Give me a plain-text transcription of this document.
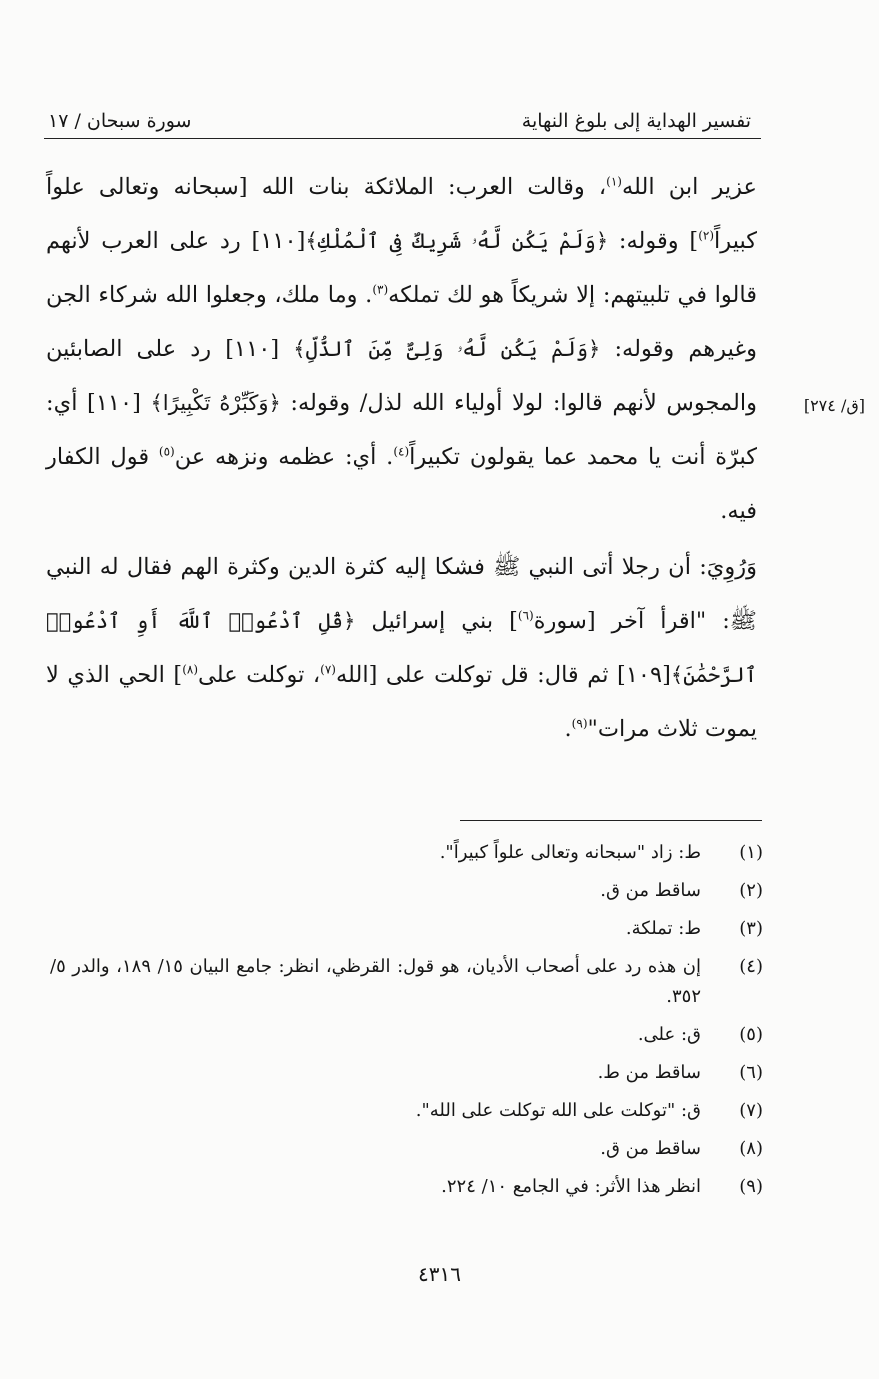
تفسير الهداية إلى بلوغ النهاية
سورة سبحان / ١٧
[ق/ ٢٧٤]

عزير ابن الله$^{(١)}$، وقالت العرب: الملائكة بنات الله [سبحانه وتعالى علواً كبيراً$^{(٢)}$] وقوله: ﴿وَلَمْ يَكُن لَّهُۥ شَرِيكٌ فِى ٱلْمُلْكِ﴾[١١٠] رد على العرب لأنهم قالوا في تلبيتهم: إلا شريكاً هو لك تملكه$^{(٣)}$. وما ملك، وجعلوا الله شركاء الجن وغيرهم وقوله: ﴿وَلَمْ يَكُن لَّهُۥ وَلِىٌّ مِّنَ ٱلذُّلِّ﴾ [١١٠] رد على الصابئين والمجوس لأنهم قالوا: لولا أولياء الله لذل/ وقوله: ﴿وَكَبِّرْهُ تَكْبِيرًا﴾ [١١٠] أي: كبرّة أنت يا محمد عما يقولون تكبيراً$^{(٤)}$. أي: عظمه ونزهه عن$^{(٥)}$ قول الكفار فيه.

وَرُوِيَ: أن رجلا أتى النبي ﷺ فشكا إليه كثرة الدين وكثرة الهم فقال له النبي ﷺ: "اقرأ آخر [سورة$^{(٦)}$] بني إسرائيل ﴿قُلِ ٱدْعُوا۟ ٱللَّهَ أَوِ ٱدْعُوا۟ ٱلرَّحْمَٰنَ﴾[١٠٩] ثم قال: قل توكلت على [الله$^{(٧)}$، توكلت على$^{(٨)}$] الحي الذي لا يموت ثلاث مرات"$^{(٩)}$.

(١)
ط: زاد "سبحانه وتعالى علواً كبيراً".
(٢)
ساقط من ق.
(٣)
ط: تملكة.
(٤)
إن هذه رد على أصحاب الأديان، هو قول: القرظي، انظر: جامع البيان ١٥/ ١٨٩، والدر ٥/ ٣٥٢.
(٥)
ق: على.
(٦)
ساقط من ط.
(٧)
ق: "توكلت على الله توكلت على الله".
(٨)
ساقط من ق.
(٩)
انظر هذا الأثر: في الجامع ١٠/ ٢٢٤.
٤٣١٦
